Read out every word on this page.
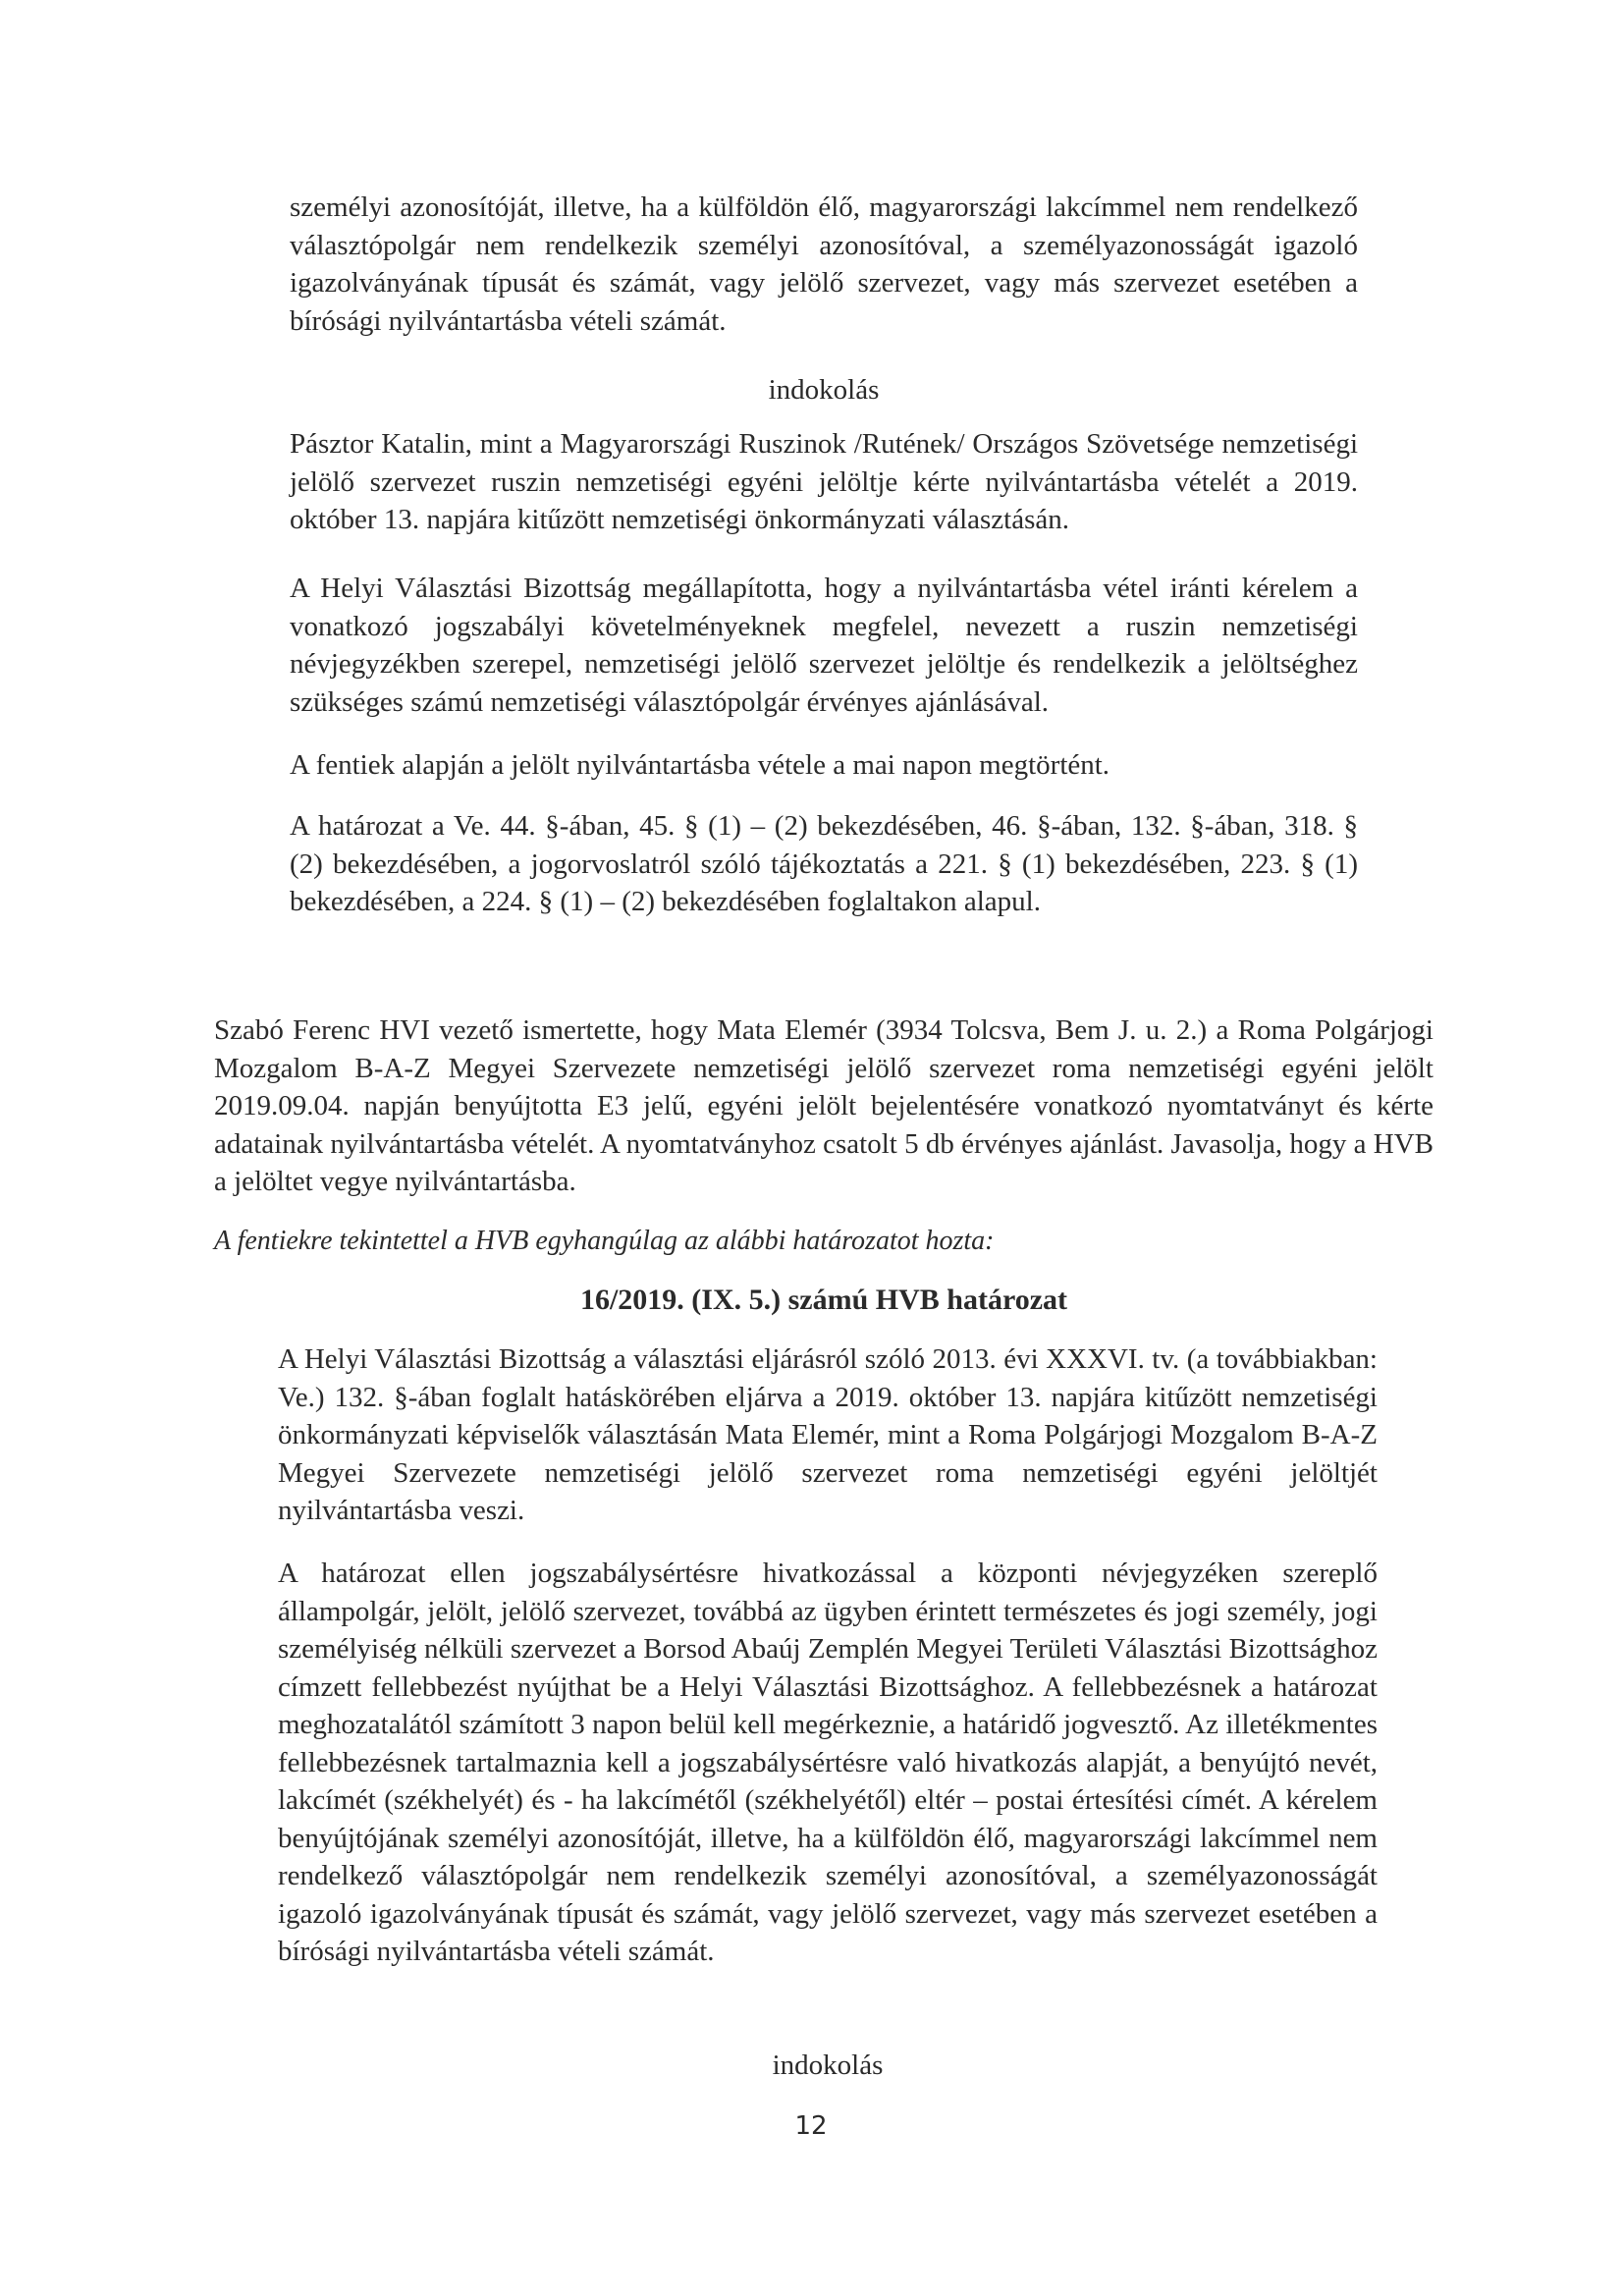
személyi azonosítóját, illetve, ha a külföldön élő, magyarországi lakcímmel nem rendelkező választópolgár nem rendelkezik személyi azonosítóval, a személyazonosságát igazoló igazolványának típusát és számát, vagy jelölő szervezet, vagy más szervezet esetében a bírósági nyilvántartásba vételi számát.

indokolás

Pásztor Katalin, mint a Magyarországi Ruszinok /Rutének/ Országos Szövetsége nemzetiségi jelölő szervezet ruszin nemzetiségi egyéni jelöltje kérte nyilvántartásba vételét a 2019. október 13. napjára kitűzött nemzetiségi önkormányzati választásán.

A Helyi Választási Bizottság megállapította, hogy a nyilvántartásba vétel iránti kérelem a vonatkozó jogszabályi követelményeknek megfelel, nevezett a ruszin nemzetiségi névjegyzékben szerepel, nemzetiségi jelölő szervezet jelöltje és rendelkezik a jelöltséghez szükséges számú nemzetiségi választópolgár érvényes ajánlásával.

A fentiek alapján a jelölt nyilvántartásba vétele a mai napon megtörtént.

A határozat a Ve. 44. §-ában, 45. § (1) – (2) bekezdésében, 46. §-ában, 132. §-ában, 318. § (2) bekezdésében, a jogorvoslatról szóló tájékoztatás a 221. § (1) bekezdésében, 223. § (1) bekezdésében, a 224. § (1) – (2) bekezdésében foglaltakon alapul.

Szabó Ferenc HVI vezető ismertette, hogy Mata Elemér (3934 Tolcsva, Bem J. u. 2.) a Roma Polgárjogi Mozgalom B-A-Z Megyei Szervezete nemzetiségi jelölő szervezet roma nemzetiségi egyéni jelölt 2019.09.04. napján benyújtotta E3 jelű, egyéni jelölt bejelentésére vonatkozó nyomtatványt és kérte adatainak nyilvántartásba vételét. A nyomtatványhoz csatolt 5 db érvényes ajánlást. Javasolja, hogy a HVB a jelöltet vegye nyilvántartásba.

A fentiekre tekintettel a HVB egyhangúlag az alábbi határozatot hozta:

16/2019. (IX. 5.) számú HVB határozat

A Helyi Választási Bizottság a választási eljárásról szóló 2013. évi XXXVI. tv. (a továbbiakban: Ve.) 132. §-ában foglalt hatáskörében eljárva a 2019. október 13. napjára kitűzött nemzetiségi önkormányzati képviselők választásán Mata Elemér, mint a Roma Polgárjogi Mozgalom B-A-Z Megyei Szervezete nemzetiségi jelölő szervezet roma nemzetiségi egyéni jelöltjét nyilvántartásba veszi.

A határozat ellen jogszabálysértésre hivatkozással a központi névjegyzéken szereplő állampolgár, jelölt, jelölő szervezet, továbbá az ügyben érintett természetes és jogi személy, jogi személyiség nélküli szervezet a Borsod Abaúj Zemplén Megyei Területi Választási Bizottsághoz címzett fellebbezést nyújthat be a Helyi Választási Bizottsághoz. A fellebbezésnek a határozat meghozatalától számított 3 napon belül kell megérkeznie, a határidő jogvesztő. Az illetékmentes fellebbezésnek tartalmaznia kell a jogszabálysértésre való hivatkozás alapját, a benyújtó nevét, lakcímét (székhelyét) és - ha lakcímétől (székhelyétől) eltér – postai értesítési címét. A kérelem benyújtójának személyi azonosítóját, illetve, ha a külföldön élő, magyarországi lakcímmel nem rendelkező választópolgár nem rendelkezik személyi azonosítóval, a személyazonosságát igazoló igazolványának típusát és számát, vagy jelölő szervezet, vagy más szervezet esetében a bírósági nyilvántartásba vételi számát.

indokolás

12
